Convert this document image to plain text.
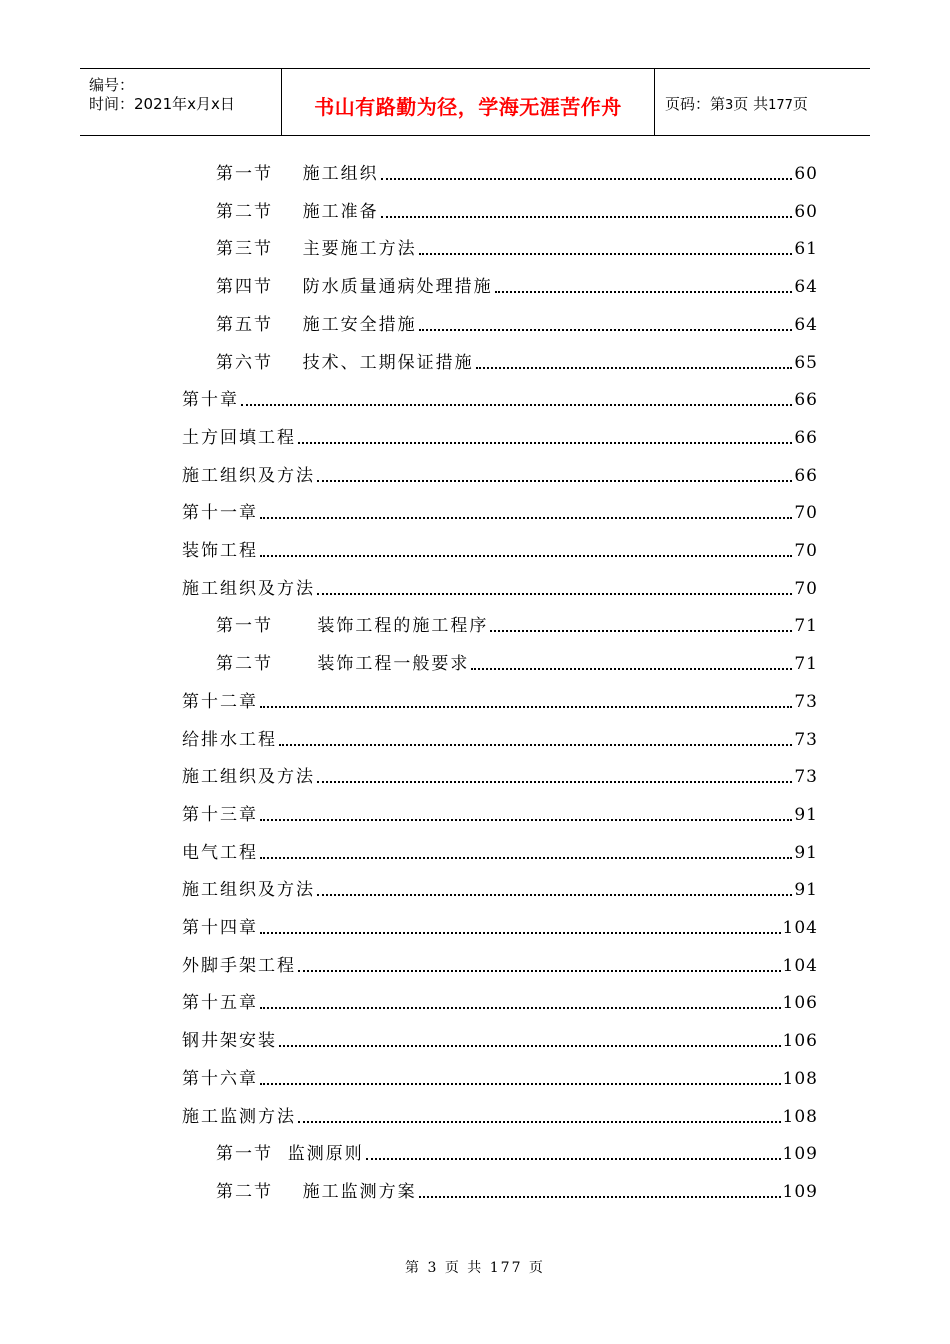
编号：
时间：2021年x月x日	书山有路勤为径，学海无涯苦作舟	页码：第3页 共177页
第一节    施工组织	60
第二节    施工准备	60
第三节    主要施工方法	61
第四节    防水质量通病处理措施	64
第五节    施工安全措施	64
第六节    技术、工期保证措施	65
第十章	66
土方回填工程	66
施工组织及方法	66
第十一章	70
装饰工程	70
施工组织及方法	70
第一节      装饰工程的施工程序	71
第二节      装饰工程一般要求	71
第十二章	73
给排水工程	73
施工组织及方法	73
第十三章	91
电气工程	91
施工组织及方法	91
第十四章	104
外脚手架工程	104
第十五章	106
钢井架安装	106
第十六章	108
施工监测方法	108
第一节  监测原则	109
第二节    施工监测方案	109
第 3 页 共 177 页
